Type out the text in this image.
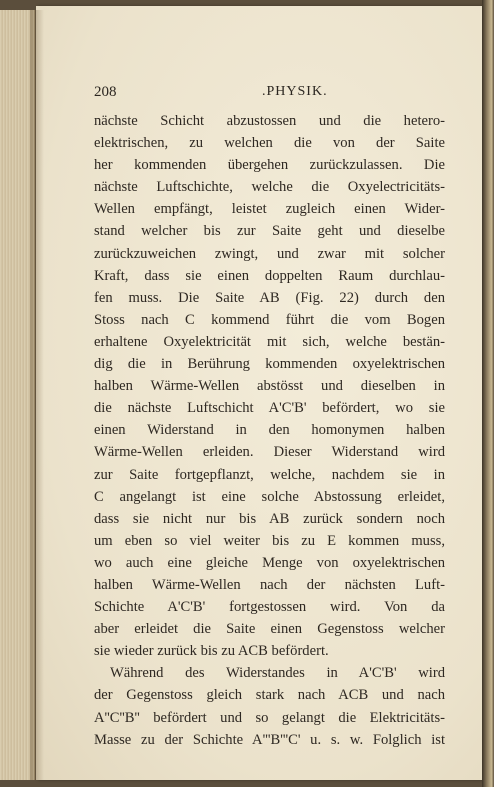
208	.PHYSIK.
nächste Schicht abzustossen und die hetero-
elektrischen, zu welchen die von der Saite
her kommenden übergehen zurückzulassen. Die
nächste Luftschichte, welche die Oxyelectricitäts-
Wellen empfängt, leistet zugleich einen Wider-
stand welcher bis zur Saite geht und dieselbe
zurückzuweichen zwingt, und zwar mit solcher
Kraft, dass sie einen doppelten Raum durchlau-
fen muss. Die Saite AB (Fig. 22) durch den
Stoss nach C kommend führt die vom Bogen
erhaltene Oxyelektricität mit sich, welche bestän-
dig die in Berührung kommenden oxyelektrischen
halben Wärme-Wellen abstösst und dieselben in
die nächste Luftschicht A'C'B' befördert, wo sie
einen Widerstand in den homonymen halben
Wärme-Wellen erleiden. Dieser Widerstand wird
zur Saite fortgepflanzt, welche, nachdem sie in
C angelangt ist eine solche Abstossung erleidet,
dass sie nicht nur bis AB zurück sondern noch
um eben so viel weiter bis zu E kommen muss,
wo auch eine gleiche Menge von oxyelektrischen
halben Wärme-Wellen nach der nächsten Luft-
Schichte A'C'B' fortgestossen wird. Von da
aber erleidet die Saite einen Gegenstoss welcher
sie wieder zurück bis zu ACB befördert.
Während des Widerstandes in A'C'B' wird
der Gegenstoss gleich stark nach ACB und nach
A''C''B'' befördert und so gelangt die Elektricitäts-
Masse zu der Schichte A'''B'''C' u. s. w. Folglich ist
